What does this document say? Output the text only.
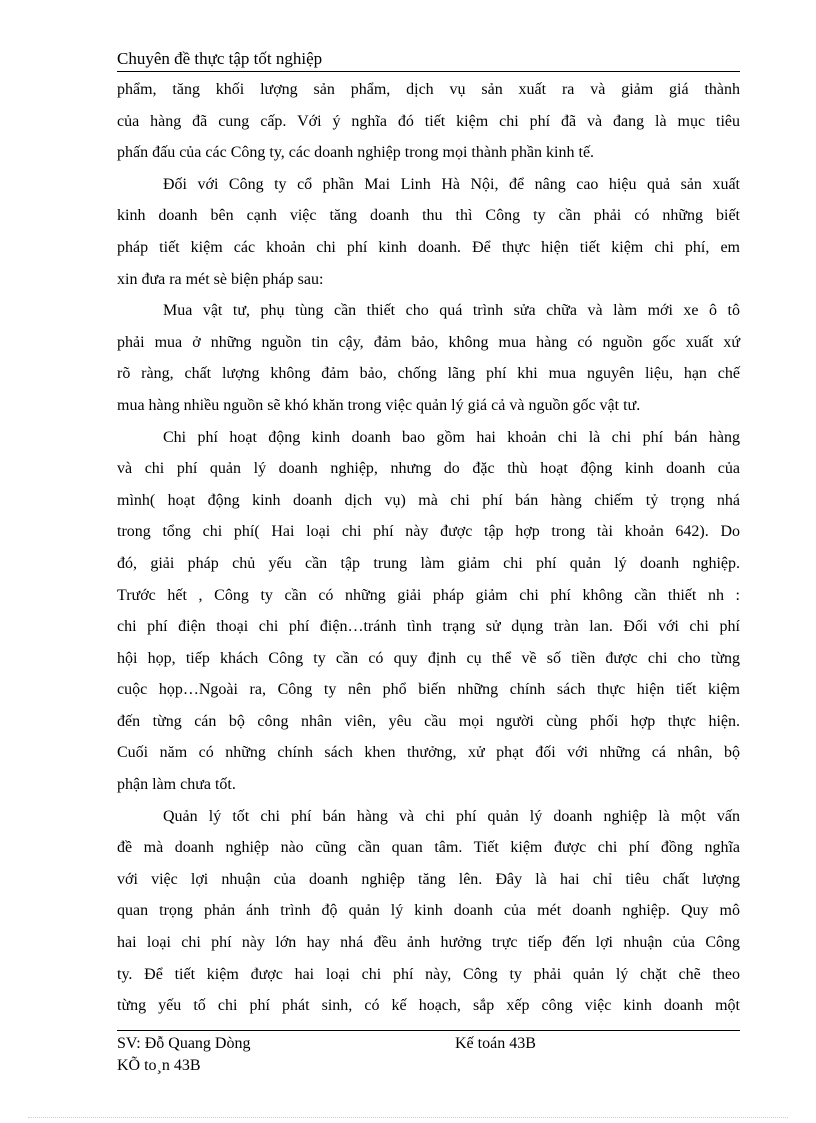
Chuyên đề thực tập tốt nghiệp

phẩm, tăng khối lượng sản phẩm, dịch vụ sản xuất ra và giảm giá thành
của hàng đã cung cấp. Với ý nghĩa đó tiết kiệm chi phí đã và đang là mục tiêu
phấn đấu của các Công ty, các doanh nghiệp trong mọi thành phần kinh tế.

Đối với Công ty cổ phần Mai Linh Hà Nội, để nâng cao hiệu quả sản xuất
kinh doanh bên cạnh việc tăng doanh thu thì Công ty cần phải có những biết
pháp tiết kiệm các khoản chi phí kinh doanh. Để thực hiện tiết kiệm chi phí, em
xin đưa ra mét sè biện pháp sau:

Mua vật tư, phụ tùng cần thiết cho quá trình sửa chữa và làm mới xe ô tô
phải mua ở những nguồn tin cậy, đảm bảo, không mua hàng có nguồn gốc xuất xứ
rõ ràng, chất lượng không đảm bảo, chống lãng phí khi mua nguyên liệu, hạn chế
mua hàng nhiều nguồn sẽ khó khăn trong việc quản lý giá cả và nguồn gốc vật tư.

Chi phí hoạt động kinh doanh bao gồm hai khoản chi là chi phí bán hàng
và chi phí quản lý doanh nghiệp, nhưng do đặc thù hoạt động kinh doanh của
mình( hoạt động kinh doanh dịch vụ) mà chi phí bán hàng chiếm tỷ trọng nhá
trong tổng chi phí( Hai loại chi phí này được tập hợp trong tài khoản 642). Do
đó, giải pháp chủ yếu cần tập trung làm giảm chi phí quản lý doanh nghiệp.
Trước hết , Công ty cần có những giải pháp giảm chi phí không cần thiết nh :
chi phí điện thoại chi phí điện…tránh tình trạng sử dụng tràn lan. Đối với chi phí
hội họp, tiếp khách Công ty cần có quy định cụ thể về số tiền được chi cho từng
cuộc họp…Ngoài ra, Công ty nên phổ biến những chính sách thực hiện tiết kiệm
đến từng cán bộ công nhân viên, yêu cầu mọi người cùng phối hợp thực hiện.
Cuối năm có những chính sách khen thưởng, xử phạt đối với những cá nhân, bộ
phận làm chưa tốt.

Quản lý tốt chi phí bán hàng và chi phí quản lý doanh nghiệp là một vấn
đề mà doanh nghiệp nào cũng cần quan tâm. Tiết kiệm được chi phí đồng nghĩa
với việc lợi nhuận của doanh nghiệp tăng lên. Đây là hai chỉ tiêu chất lượng
quan trọng phản ánh trình độ quản lý kinh doanh của mét doanh nghiệp. Quy mô
hai loại chi phí này lớn hay nhá đều ảnh hưởng trực tiếp đến lợi nhuận của Công
ty. Để tiết kiệm được hai loại chi phí này, Công ty phải quản lý chặt chẽ theo
từng yếu tố chi phí phát sinh, có kế hoạch, sắp xếp công việc kinh doanh một

SV: Đỗ Quang Dòng	Kế toán 43B
KÕ to¸n 43B
